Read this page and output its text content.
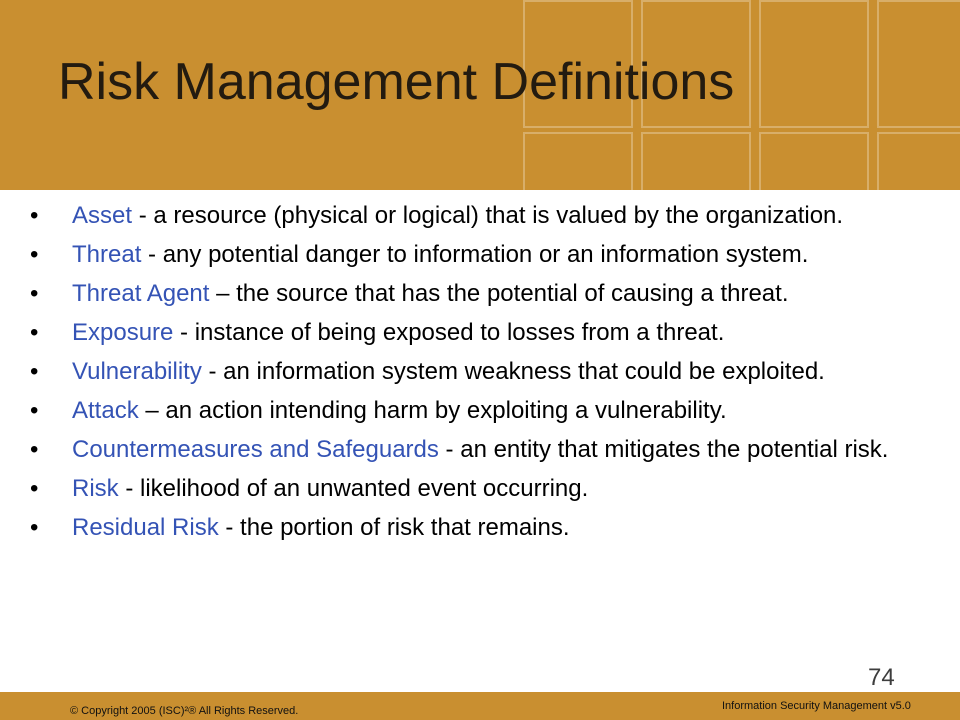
Risk Management Definitions
• Asset - a resource (physical or logical) that is valued by the organization.
• Threat - any potential danger to information or an information system.
• Threat Agent – the source that has the potential of causing a threat.
• Exposure - instance of being exposed to losses from a threat.
• Vulnerability - an information system weakness that could be exploited.
• Attack – an action intending harm by exploiting a vulnerability.
• Countermeasures and Safeguards - an entity that mitigates the potential risk.
• Risk - likelihood of an unwanted event occurring.
• Residual Risk - the portion of risk that remains.
74
© Copyright 2005 (ISC)²® All Rights Reserved.	Information Security Management v5.0
